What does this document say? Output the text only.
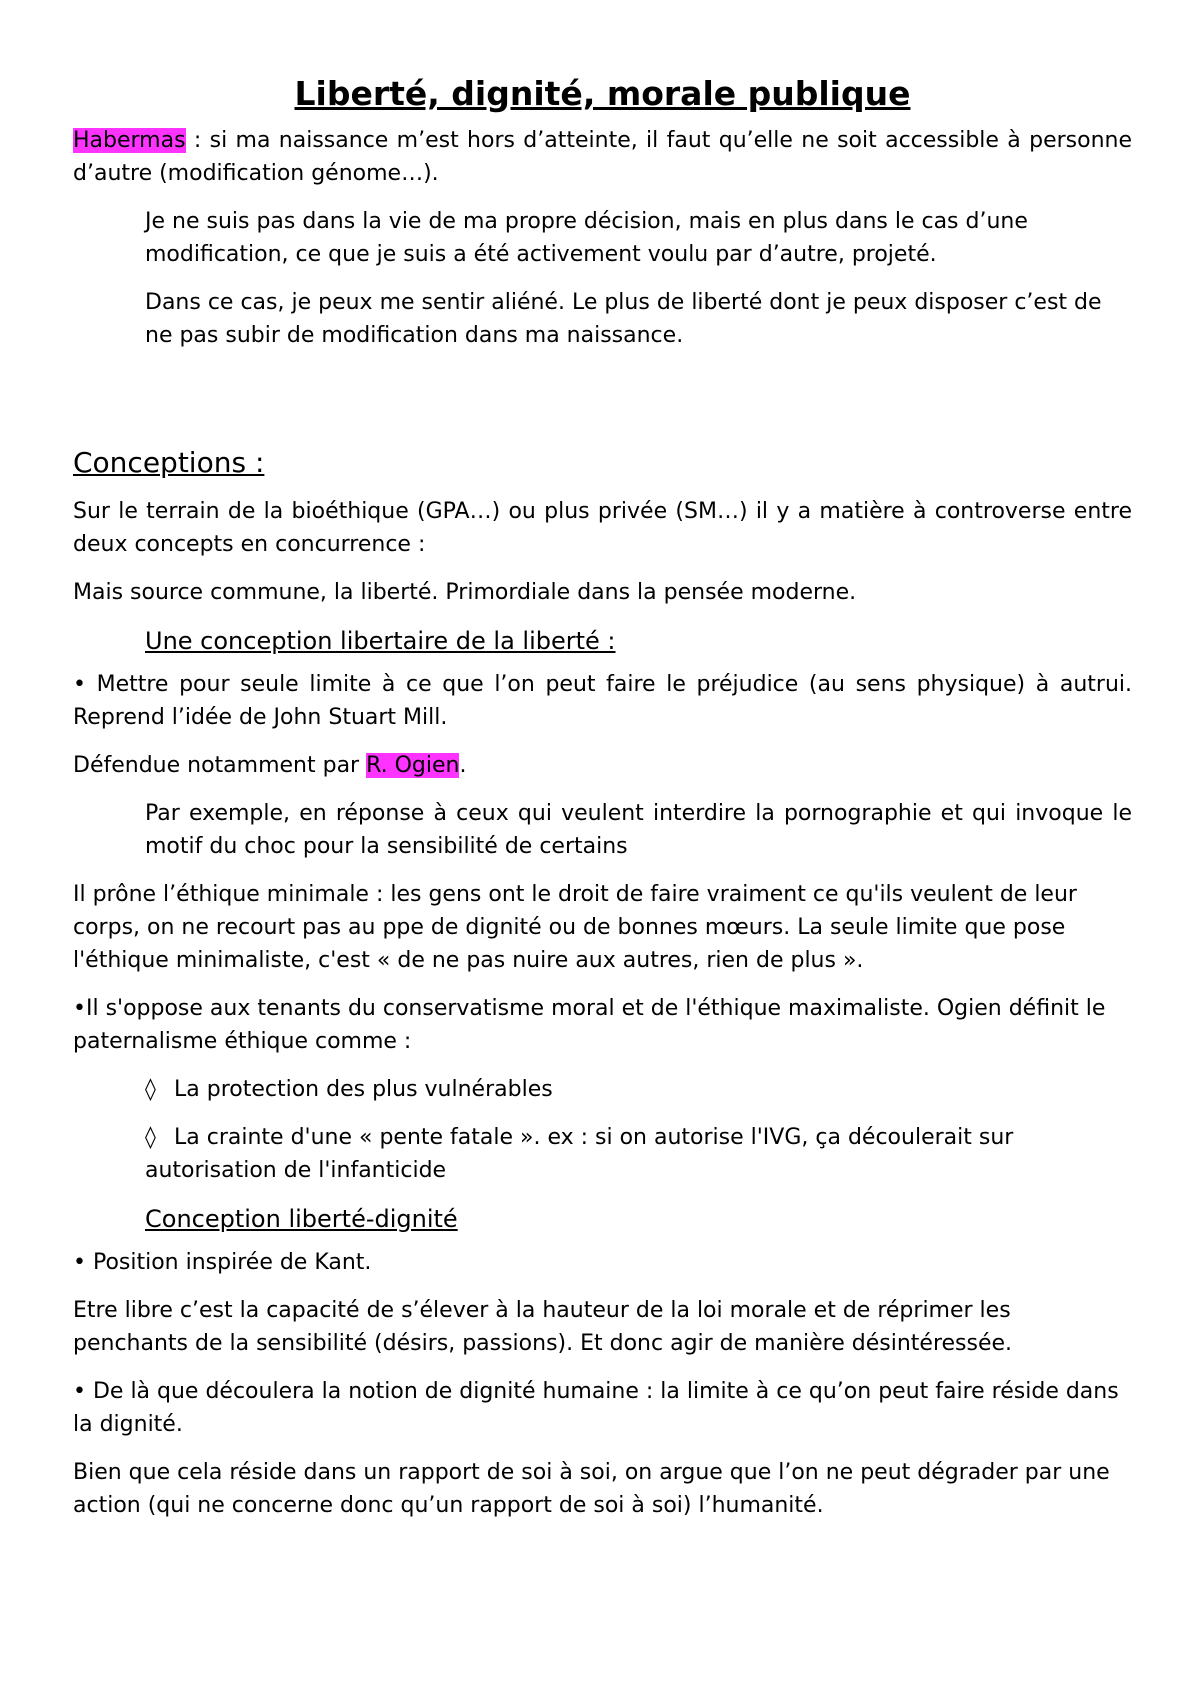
Liberté, dignité, morale publique

Habermas : si ma naissance m’est hors d’atteinte, il faut qu’elle ne soit accessible à personne d’autre (modification génome…).

Je ne suis pas dans la vie de ma propre décision, mais en plus dans le cas d’une modification, ce que je suis a été activement voulu par d’autre, projeté.

Dans ce cas, je peux me sentir aliéné. Le plus de liberté dont je peux disposer c’est de ne pas subir de modification dans ma naissance.

Conceptions :

Sur le terrain de la bioéthique (GPA…) ou plus privée (SM…) il y a matière à controverse entre deux concepts en concurrence :

Mais source commune, la liberté. Primordiale dans la pensée moderne.

Une conception libertaire de la liberté :

• Mettre pour seule limite à ce que l’on peut faire le préjudice (au sens physique) à autrui. Reprend l’idée de John Stuart Mill.

Défendue notamment par R. Ogien.

Par exemple, en réponse à ceux qui veulent interdire la pornographie et qui invoque le motif du choc pour la sensibilité de certains

Il prône l’éthique minimale : les gens ont le droit de faire vraiment ce qu'ils veulent de leur corps, on ne recourt pas au ppe de dignité ou de bonnes mœurs. La seule limite que pose l'éthique minimaliste, c'est « de ne pas nuire aux autres, rien de plus ».

•Il s'oppose aux tenants du conservatisme moral et de l'éthique maximaliste. Ogien définit le paternalisme éthique comme :

◊ La protection des plus vulnérables

◊ La crainte d'une « pente fatale ». ex : si on autorise l'IVG, ça découlerait sur autorisation de l'infanticide

Conception liberté-dignité

• Position inspirée de Kant.

Etre libre c’est la capacité de s’élever à la hauteur de la loi morale et de réprimer les penchants de la sensibilité (désirs, passions). Et donc agir de manière désintéressée.

• De là que découlera la notion de dignité humaine : la limite à ce qu’on peut faire réside dans la dignité.

Bien que cela réside dans un rapport de soi à soi, on argue que l’on ne peut dégrader par une action (qui ne concerne donc qu’un rapport de soi à soi) l’humanité.
